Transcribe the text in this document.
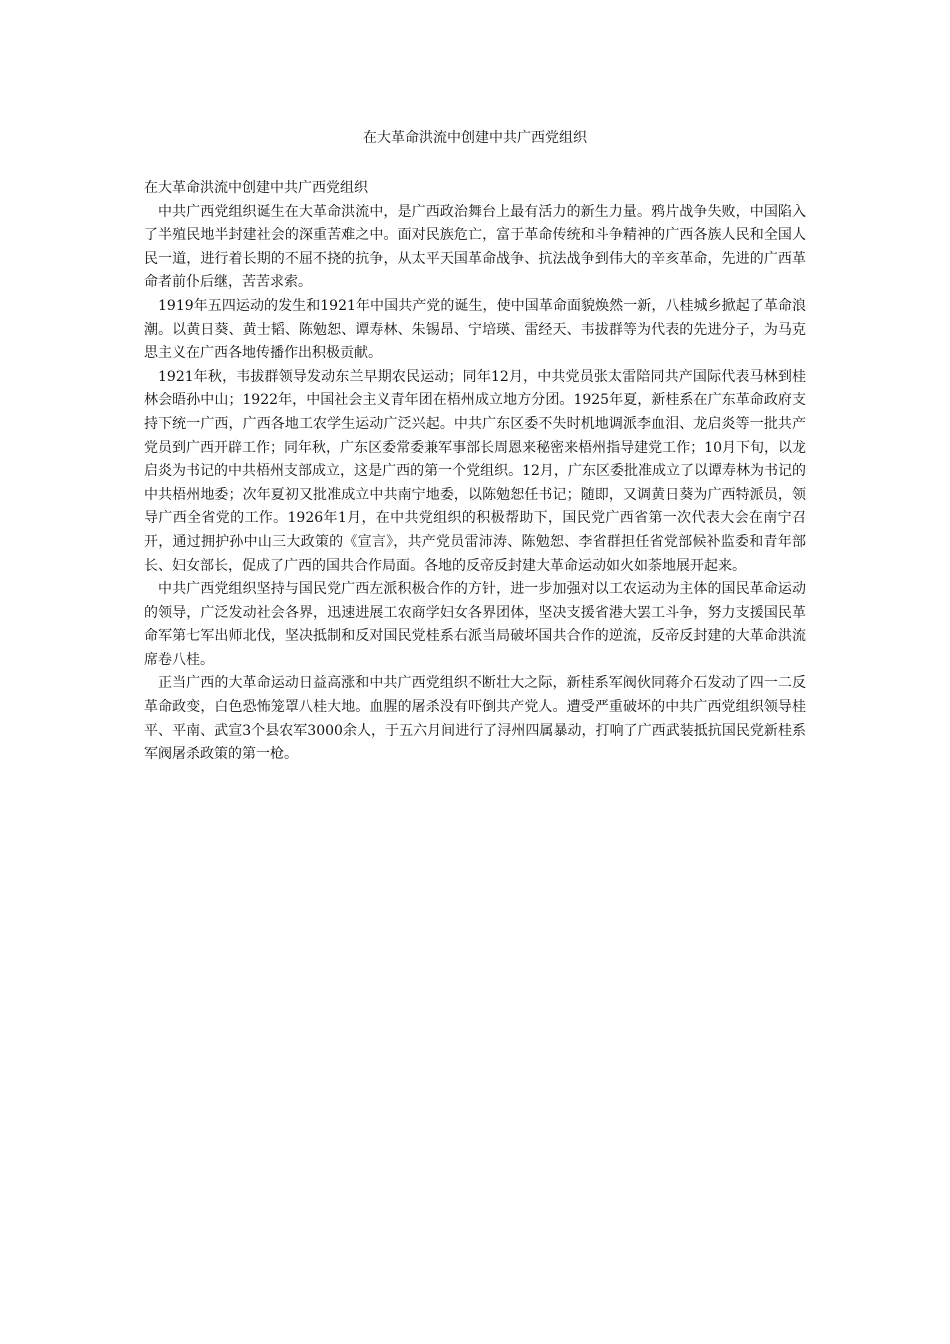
在大革命洪流中创建中共广西党组织

在大革命洪流中创建中共广西党组织

中共广西党组织诞生在大革命洪流中，是广西政治舞台上最有活力的新生力量。鸦片战争失败，中国陷入了半殖民地半封建社会的深重苦难之中。面对民族危亡，富于革命传统和斗争精神的广西各族人民和全国人民一道，进行着长期的不屈不挠的抗争，从太平天国革命战争、抗法战争到伟大的辛亥革命，先进的广西革命者前仆后继，苦苦求索。

1919年五四运动的发生和1921年中国共产党的诞生，使中国革命面貌焕然一新，八桂城乡掀起了革命浪潮。以黄日葵、黄士韬、陈勉恕、谭寿林、朱锡昂、宁培瑛、雷经天、韦拔群等为代表的先进分子，为马克思主义在广西各地传播作出积极贡献。

1921年秋，韦拔群领导发动东兰早期农民运动；同年12月，中共党员张太雷陪同共产国际代表马林到桂林会晤孙中山；1922年，中国社会主义青年团在梧州成立地方分团。1925年夏，新桂系在广东革命政府支持下统一广西，广西各地工农学生运动广泛兴起。中共广东区委不失时机地调派李血泪、龙启炎等一批共产党员到广西开辟工作；同年秋，广东区委常委兼军事部长周恩来秘密来梧州指导建党工作；10月下旬，以龙启炎为书记的中共梧州支部成立，这是广西的第一个党组织。12月，广东区委批准成立了以谭寿林为书记的中共梧州地委；次年夏初又批准成立中共南宁地委，以陈勉恕任书记；随即，又调黄日葵为广西特派员，领导广西全省党的工作。1926年1月，在中共党组织的积极帮助下，国民党广西省第一次代表大会在南宁召开，通过拥护孙中山三大政策的《宣言》，共产党员雷沛涛、陈勉恕、李省群担任省党部候补监委和青年部长、妇女部长，促成了广西的国共合作局面。各地的反帝反封建大革命运动如火如荼地展开起来。

中共广西党组织坚持与国民党广西左派积极合作的方针，进一步加强对以工农运动为主体的国民革命运动的领导，广泛发动社会各界，迅速进展工农商学妇女各界团体，坚决支援省港大罢工斗争，努力支援国民革命军第七军出师北伐，坚决抵制和反对国民党桂系右派当局破坏国共合作的逆流，反帝反封建的大革命洪流席卷八桂。

正当广西的大革命运动日益高涨和中共广西党组织不断壮大之际，新桂系军阀伙同蒋介石发动了四一二反革命政变，白色恐怖笼罩八桂大地。血腥的屠杀没有吓倒共产党人。遭受严重破坏的中共广西党组织领导桂平、平南、武宣3个县农军3000余人，于五六月间进行了浔州四属暴动，打响了广西武装抵抗国民党新桂系军阀屠杀政策的第一枪。
